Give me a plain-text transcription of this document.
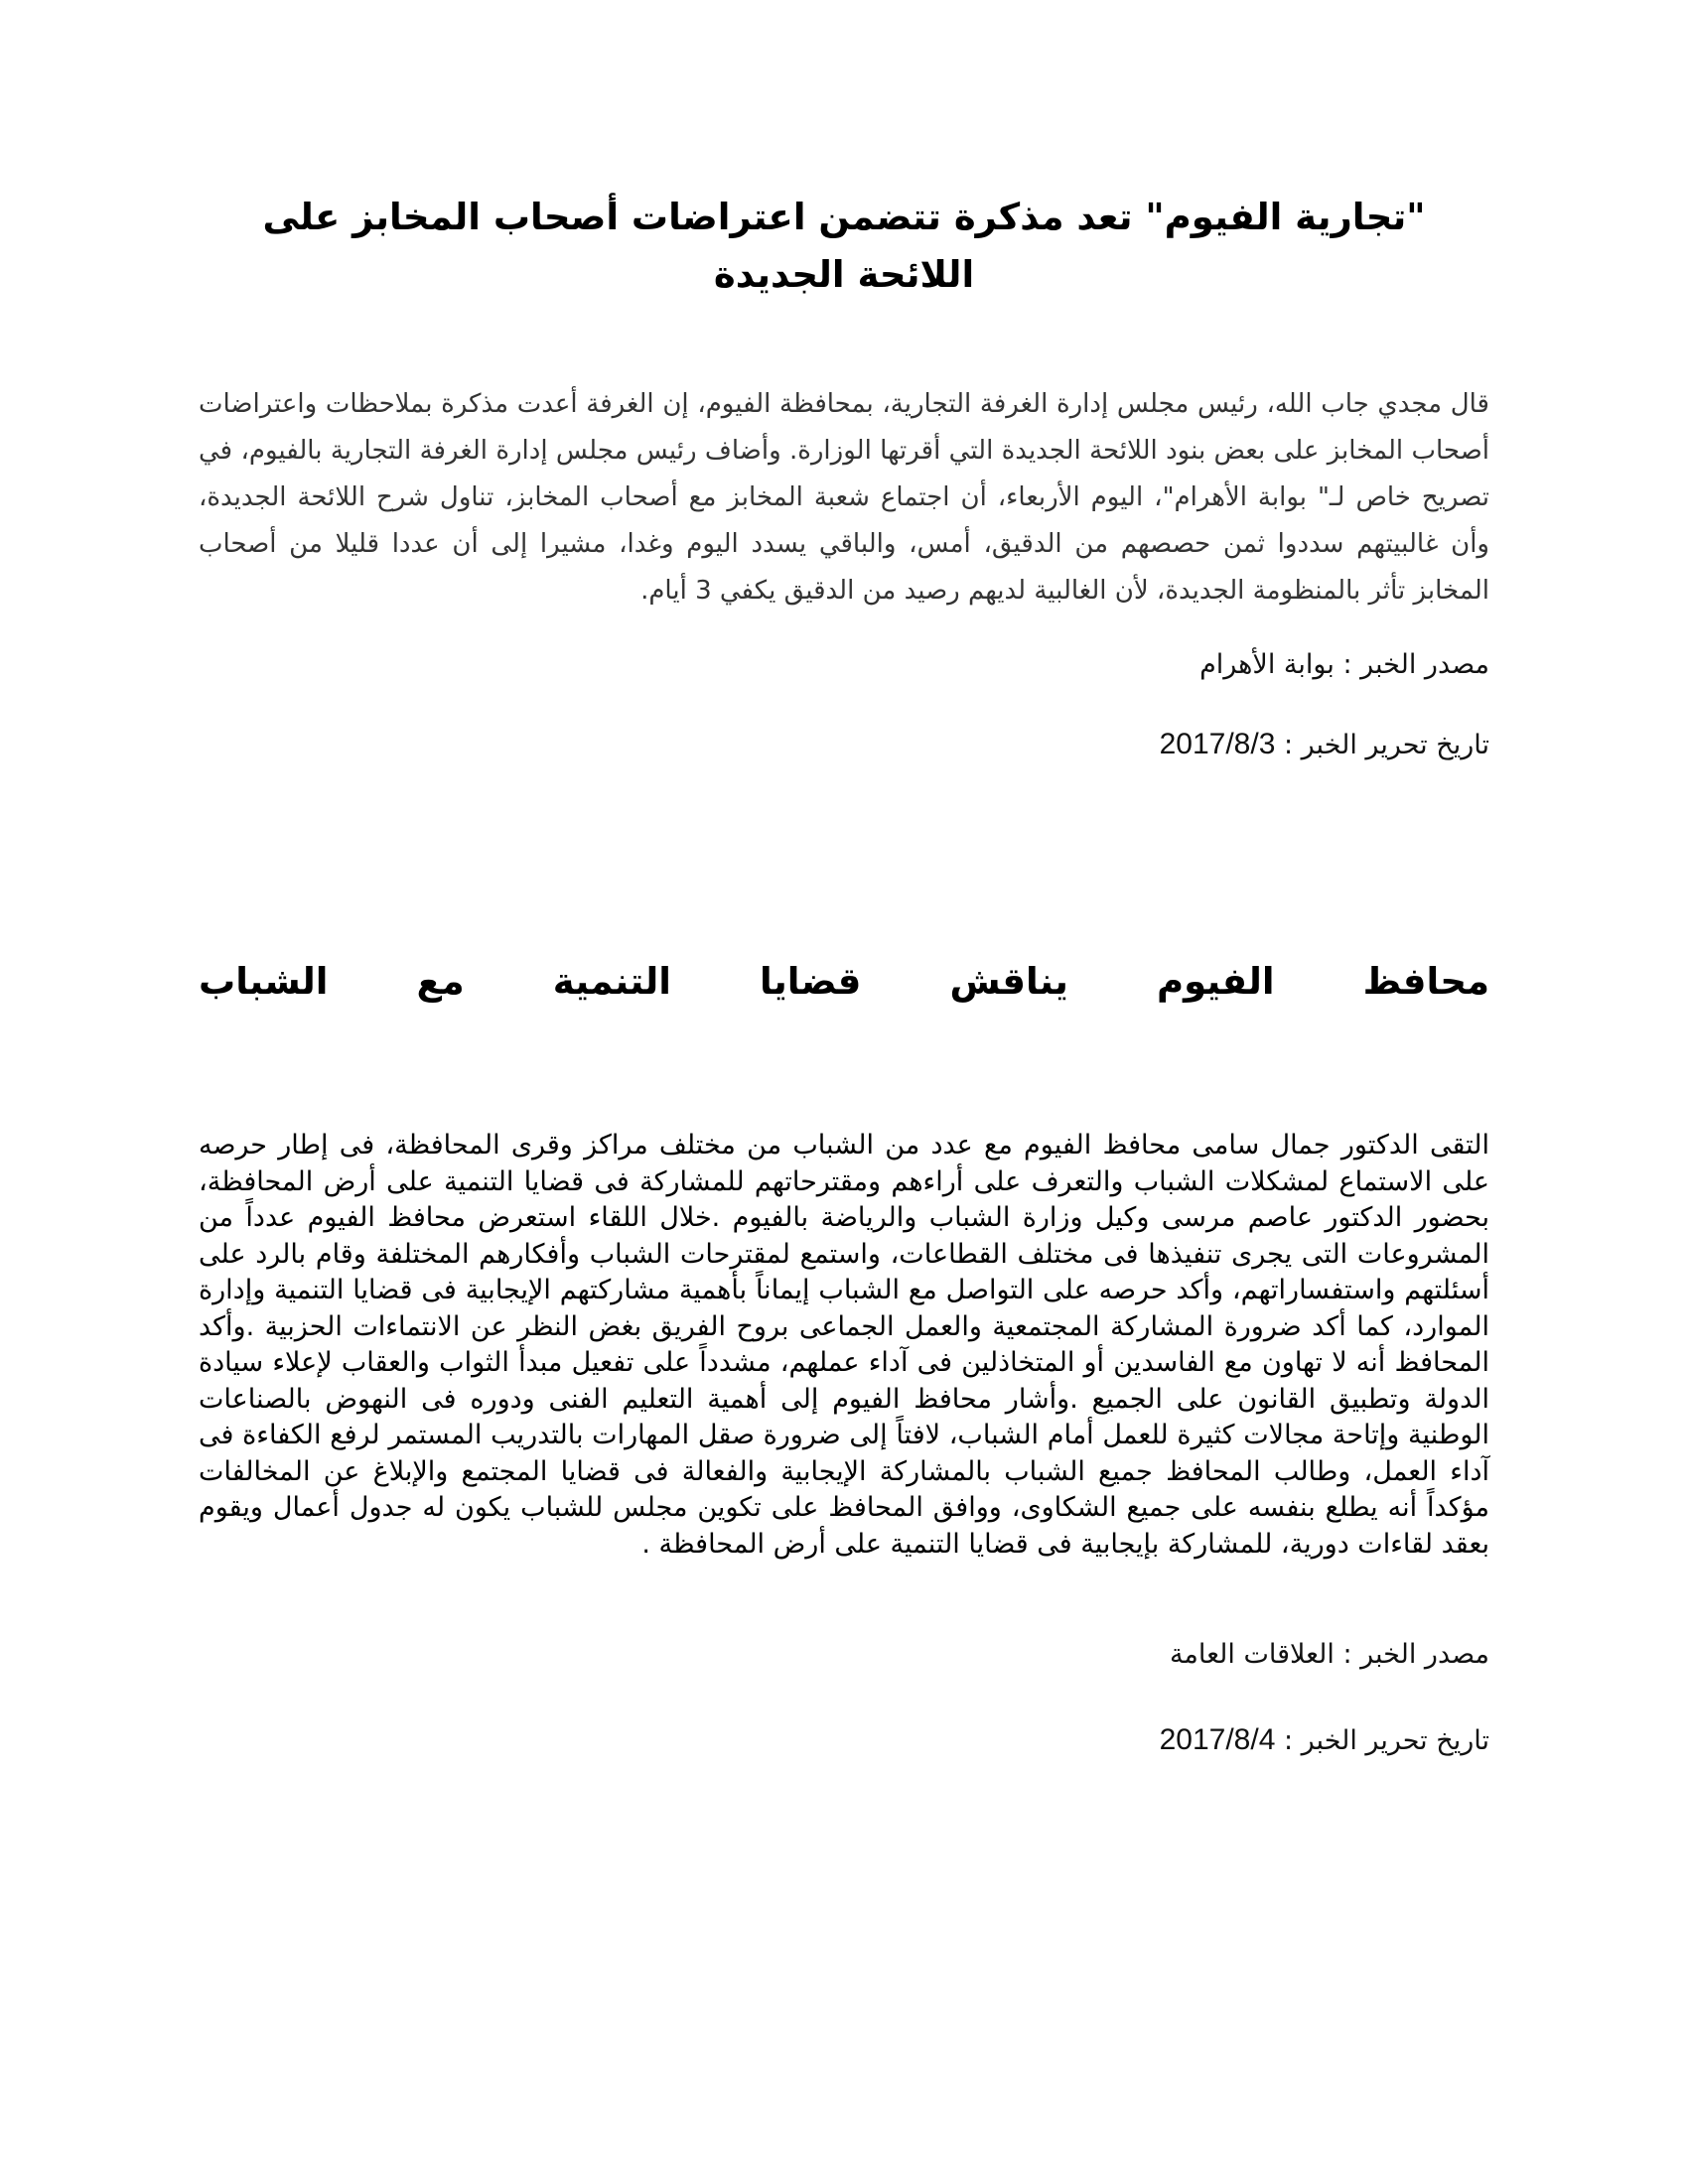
"تجارية الفيوم" تعد مذكرة تتضمن اعتراضات أصحاب المخابز على اللائحة الجديدة

قال مجدي جاب الله، رئيس مجلس إدارة الغرفة التجارية، بمحافظة الفيوم، إن الغرفة أعدت مذكرة بملاحظات واعتراضات أصحاب المخابز على بعض بنود اللائحة الجديدة التي أقرتها الوزارة. وأضاف رئيس مجلس إدارة الغرفة التجارية بالفيوم، في تصريح خاص لـ" بوابة الأهرام"، اليوم الأربعاء، أن اجتماع شعبة المخابز مع أصحاب المخابز، تناول شرح اللائحة الجديدة، وأن غالبيتهم سددوا ثمن حصصهم من الدقيق، أمس، والباقي يسدد اليوم وغدا، مشيرا إلى أن عددا قليلا من أصحاب المخابز تأثر بالمنظومة الجديدة، لأن الغالبية لديهم رصيد من الدقيق يكفي 3 أيام.

مصدر الخبر : بوابة الأهرام

تاريخ تحرير الخبر : 2017/8/3

محافظ
الفيوم
يناقش
قضايا
التنمية
مع
الشباب

التقى الدكتور جمال سامى محافظ الفيوم مع عدد من الشباب من مختلف مراكز وقرى المحافظة، فى إطار حرصه على الاستماع لمشكلات الشباب والتعرف على أراءهم ومقترحاتهم للمشاركة فى قضايا التنمية على أرض المحافظة، بحضور الدكتور عاصم مرسى وكيل وزارة الشباب والرياضة بالفيوم .خلال اللقاء استعرض محافظ الفيوم عدداً من المشروعات التى يجرى تنفيذها فى مختلف القطاعات، واستمع لمقترحات الشباب وأفكارهم المختلفة وقام بالرد على أسئلتهم واستفساراتهم، وأكد حرصه على التواصل مع الشباب إيماناً بأهمية مشاركتهم الإيجابية فى قضايا التنمية وإدارة الموارد، كما أكد ضرورة المشاركة المجتمعية والعمل الجماعى بروح الفريق بغض النظر عن الانتماءات الحزبية .وأكد المحافظ أنه لا تهاون مع الفاسدين أو المتخاذلين فى آداء عملهم، مشدداً على تفعيل مبدأ الثواب والعقاب لإعلاء سيادة الدولة وتطبيق القانون على الجميع .وأشار محافظ الفيوم إلى أهمية التعليم الفنى ودوره فى النهوض بالصناعات الوطنية وإتاحة مجالات كثيرة للعمل أمام الشباب، لافتاً إلى ضرورة صقل المهارات بالتدريب المستمر لرفع الكفاءة فى آداء العمل، وطالب المحافظ جميع الشباب بالمشاركة الإيجابية والفعالة فى قضايا المجتمع والإبلاغ عن المخالفات مؤكداً أنه يطلع بنفسه على جميع الشكاوى، ووافق المحافظ على تكوين مجلس للشباب يكون له جدول أعمال ويقوم بعقد لقاءات دورية، للمشاركة بإيجابية فى قضايا التنمية على أرض المحافظة .

مصدر الخبر : العلاقات العامة

تاريخ تحرير الخبر : 2017/8/4
